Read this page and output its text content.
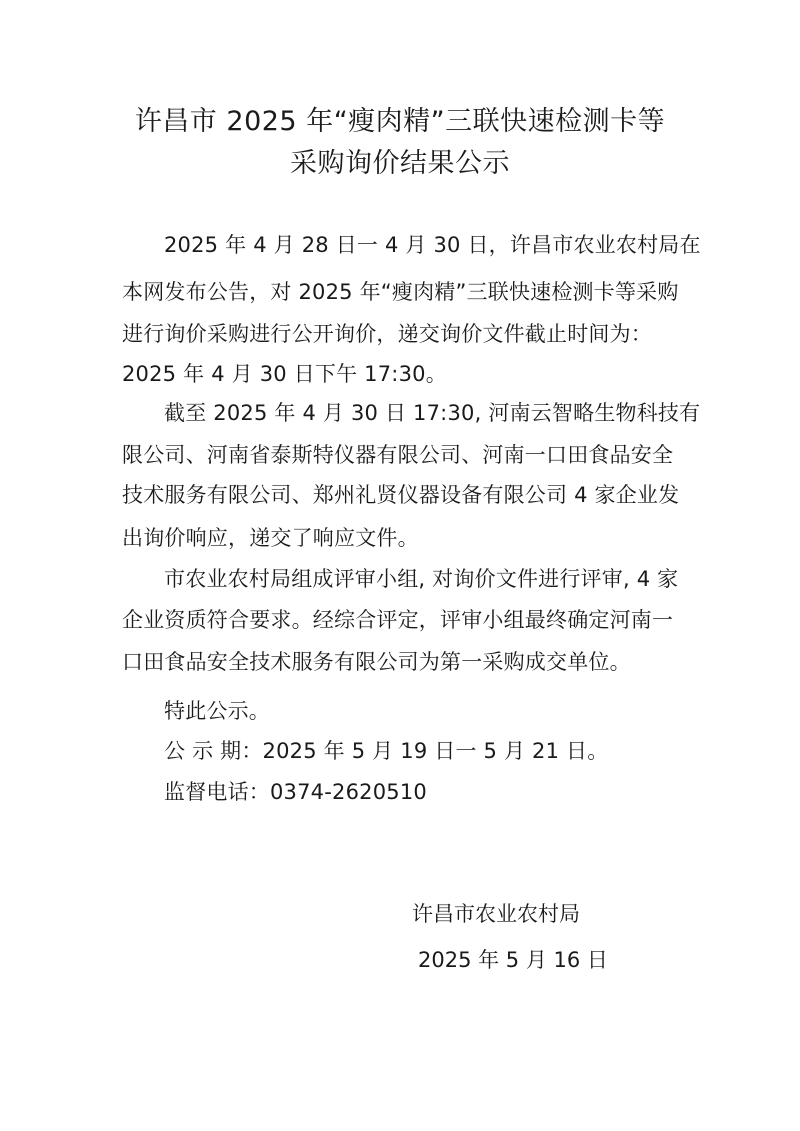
许昌市 2025 年“瘦肉精”三联快速检测卡等
采购询价结果公示
2025 年 4 月 28 日一 4 月 30 日，许昌市农业农村局在
本网发布公告，对 2025 年“瘦肉精”三联快速检测卡等采购
进行询价采购进行公开询价，递交询价文件截止时间为：
2025 年 4 月 30 日下午 17:30。
截至 2025 年 4 月 30 日 17:30, 河南云智略生物科技有
限公司、河南省泰斯特仪器有限公司、河南一口田食品安全
技术服务有限公司、郑州礼贤仪器设备有限公司 4 家企业发
出询价响应，递交了响应文件。
市农业农村局组成评审小组, 对询价文件进行评审, 4 家
企业资质符合要求。经综合评定，评审小组最终确定河南一
口田食品安全技术服务有限公司为第一采购成交单位。
特此公示。
公 示 期：2025 年 5 月 19 日一 5 月 21 日。
监督电话：0374-2620510
许昌市农业农村局
2025 年 5 月 16 日
